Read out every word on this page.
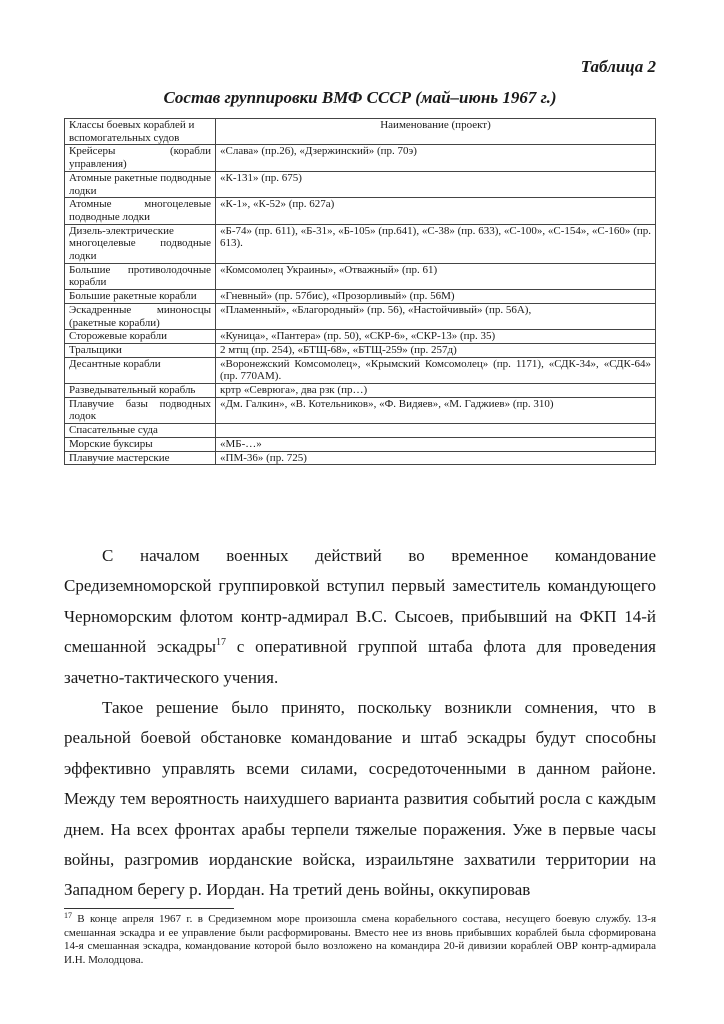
Таблица 2
Состав группировки ВМФ СССР (май–июнь 1967 г.)
Классы боевых кораблей и вспомогательных судов	Наименование (проект)
Крейсеры (корабли управления)	«Слава» (пр.26), «Дзержинский» (пр. 70э)
Атомные ракетные подводные лодки	«К-131» (пр. 675)
Атомные многоцелевые подводные лодки	«К-1», «К-52» (пр. 627а)
Дизель-электрические многоцелевые подводные лодки	«Б-74» (пр. 611), «Б-31», «Б-105» (пр.641), «С-38» (пр. 633), «С-100», «С-154», «С-160» (пр. 613).
Большие противолодочные корабли	«Комсомолец Украины», «Отважный» (пр. 61)
Большие ракетные корабли	«Гневный» (пр. 57бис), «Прозорливый» (пр. 56М)
Эскадренные миноносцы (ракетные корабли)	«Пламенный», «Благородный» (пр. 56), «Настойчивый» (пр. 56А),
Сторожевые корабли	«Куница», «Пантера» (пр. 50), «СКР-6», «СКР-13» (пр. 35)
Тральщики	2 мтщ (пр. 254), «БТЩ-68», «БТЩ-259» (пр. 257д)
Десантные корабли	«Воронежский Комсомолец», «Крымский Комсомолец» (пр. 1171), «СДК-34», «СДК-64» (пр. 770АМ).
Разведывательный корабль	кртр «Севрюга», два рзк (пр…)
Плавучие базы подводных лодок	«Дм. Галкин», «В. Котельников», «Ф. Видяев», «М. Гаджиев» (пр. 310)
Спасательные суда	
Морские буксиры	«МБ-…»
Плавучие мастерские	«ПМ-36» (пр. 725)

С началом военных действий во временное командование Средиземноморской группировкой вступил первый заместитель командующего Черноморским флотом контр-адмирал В.С. Сысоев, прибывший на ФКП 14-й смешанной эскадры$^{17}$ с оперативной группой штаба флота для проведения зачетно-тактического учения.

Такое решение было принято, поскольку возникли сомнения, что в реальной боевой обстановке командование и штаб эскадры будут способны эффективно управлять всеми силами, сосредоточенными в данном районе. Между тем вероятность наихудшего варианта развития событий росла с каждым днем. На всех фронтах арабы терпели тяжелые поражения. Уже в первые часы войны, разгромив иорданские войска, израильтяне захватили территории на Западном берегу р. Иордан. На третий день войны, оккупировав

$^{17}$ В конце апреля 1967 г. в Средиземном море произошла смена корабельного состава, несущего боевую службу. 13-я смешанная эскадра и ее управление были расформированы. Вместо нее из вновь прибывших кораблей была сформирована 14-я смешанная эскадра, командование которой было возложено на командира 20-й дивизии кораблей ОВР контр-адмирала И.Н. Молодцова.
